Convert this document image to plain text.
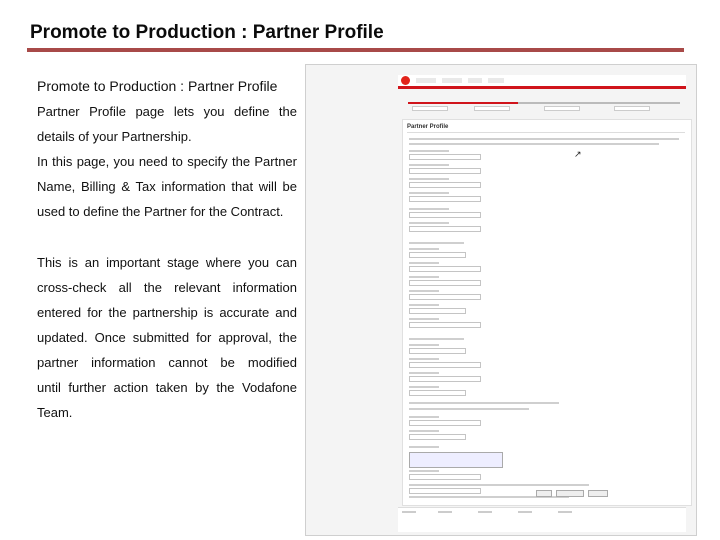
Promote to Production : Partner Profile
Promote to Production : Partner Profile
Partner Profile page lets you define the
details of your Partnership.
In this page, you need to specify the Partner
Name, Billing & Tax information that will be
used to define the Partner for the Contract.
This is an important stage where you can
cross-check all the relevant information
entered for the partnership is accurate and
updated. Once submitted for approval, the
partner information cannot be modified
until further action taken by the Vodafone
Team.
Partner Profile
↗
